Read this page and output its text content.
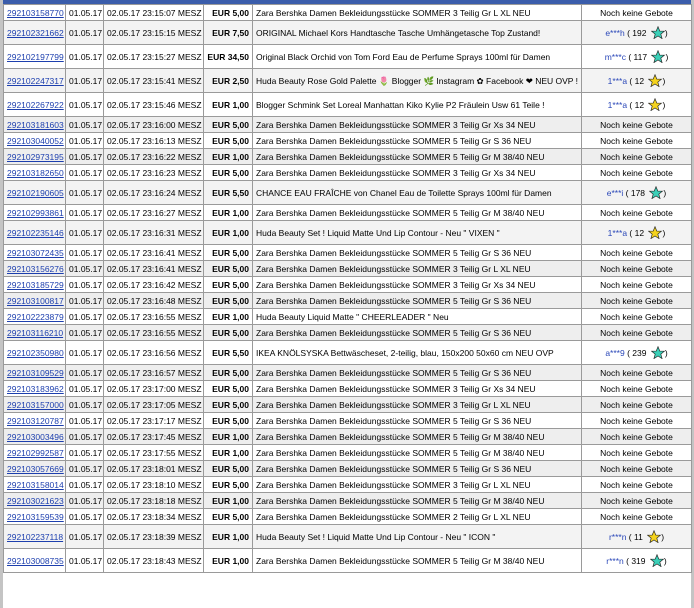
292103158770	01.05.17	02.05.17 23:15:07 MESZ	EUR 5,00	Zara Bershka Damen Bekleidungsstücke SOMMER 3 Teilig Gr L XL NEU	Noch keine Gebote
292102321662	01.05.17	02.05.17 23:15:15 MESZ	EUR 7,50	ORIGINAL Michael Kors Handtasche Tasche Umhängetasche Top Zustand!	e***h ( 192 )
292102197799	01.05.17	02.05.17 23:15:27 MESZ	EUR 34,50	Original Black Orchid von Tom Ford Eau de Perfume Sprays 100ml für Damen	m***c ( 117 )
292102247317	01.05.17	02.05.17 23:15:41 MESZ	EUR 2,50	Huda Beauty Rose Gold Palette 🌷 Blogger 🌿 Instagram ✿ Facebook ❤ NEU OVP !	1***a ( 12 )
292102267922	01.05.17	02.05.17 23:15:46 MESZ	EUR 1,00	Blogger Schmink Set Loreal Manhattan Kiko Kylie P2 Fräulein Usw 61 Teile !	1***a ( 12 )
292103181603	01.05.17	02.05.17 23:16:00 MESZ	EUR 5,00	Zara Bershka Damen Bekleidungsstücke SOMMER 3 Teilig Gr Xs 34 NEU	Noch keine Gebote
292103040052	01.05.17	02.05.17 23:16:13 MESZ	EUR 5,00	Zara Bershka Damen Bekleidungsstücke SOMMER 5 Teilig Gr S 36 NEU	Noch keine Gebote
292102973195	01.05.17	02.05.17 23:16:22 MESZ	EUR 1,00	Zara Bershka Damen Bekleidungsstücke SOMMER 5 Teilig Gr M 38/40 NEU	Noch keine Gebote
292103182650	01.05.17	02.05.17 23:16:23 MESZ	EUR 5,00	Zara Bershka Damen Bekleidungsstücke SOMMER 3 Teilig Gr Xs 34 NEU	Noch keine Gebote
292102190605	01.05.17	02.05.17 23:16:24 MESZ	EUR 5,50	CHANCE EAU FRAÎCHE von Chanel Eau de Toilette Sprays 100ml für Damen	e***i ( 178 )
292102993861	01.05.17	02.05.17 23:16:27 MESZ	EUR 1,00	Zara Bershka Damen Bekleidungsstücke SOMMER 5 Teilig Gr M 38/40 NEU	Noch keine Gebote
292102235146	01.05.17	02.05.17 23:16:31 MESZ	EUR 1,00	Huda Beauty Set ! Liquid Matte Und Lip Contour - Neu " VIXEN "	1***a ( 12 )
292103072435	01.05.17	02.05.17 23:16:41 MESZ	EUR 5,00	Zara Bershka Damen Bekleidungsstücke SOMMER 5 Teilig Gr S 36 NEU	Noch keine Gebote
292103156276	01.05.17	02.05.17 23:16:41 MESZ	EUR 5,00	Zara Bershka Damen Bekleidungsstücke SOMMER 3 Teilig Gr L XL NEU	Noch keine Gebote
292103185729	01.05.17	02.05.17 23:16:42 MESZ	EUR 5,00	Zara Bershka Damen Bekleidungsstücke SOMMER 3 Teilig Gr Xs 34 NEU	Noch keine Gebote
292103100817	01.05.17	02.05.17 23:16:48 MESZ	EUR 5,00	Zara Bershka Damen Bekleidungsstücke SOMMER 5 Teilig Gr S 36 NEU	Noch keine Gebote
292102223879	01.05.17	02.05.17 23:16:55 MESZ	EUR 1,00	Huda Beauty Liquid Matte " CHEERLEADER " Neu	Noch keine Gebote
292103116210	01.05.17	02.05.17 23:16:55 MESZ	EUR 5,00	Zara Bershka Damen Bekleidungsstücke SOMMER 5 Teilig Gr S 36 NEU	Noch keine Gebote
292102350980	01.05.17	02.05.17 23:16:56 MESZ	EUR 5,50	IKEA KNÖLSYSKA Bettwäscheset, 2-teilig, blau, 150x200 50x60 cm NEU OVP	a***9 ( 239 )
292103109529	01.05.17	02.05.17 23:16:57 MESZ	EUR 5,00	Zara Bershka Damen Bekleidungsstücke SOMMER 5 Teilig Gr S 36 NEU	Noch keine Gebote
292103183962	01.05.17	02.05.17 23:17:00 MESZ	EUR 5,00	Zara Bershka Damen Bekleidungsstücke SOMMER 3 Teilig Gr Xs 34 NEU	Noch keine Gebote
292103157000	01.05.17	02.05.17 23:17:05 MESZ	EUR 5,00	Zara Bershka Damen Bekleidungsstücke SOMMER 3 Teilig Gr L XL NEU	Noch keine Gebote
292103120787	01.05.17	02.05.17 23:17:17 MESZ	EUR 5,00	Zara Bershka Damen Bekleidungsstücke SOMMER 5 Teilig Gr S 36 NEU	Noch keine Gebote
292103003496	01.05.17	02.05.17 23:17:45 MESZ	EUR 1,00	Zara Bershka Damen Bekleidungsstücke SOMMER 5 Teilig Gr M 38/40 NEU	Noch keine Gebote
292102992587	01.05.17	02.05.17 23:17:55 MESZ	EUR 1,00	Zara Bershka Damen Bekleidungsstücke SOMMER 5 Teilig Gr M 38/40 NEU	Noch keine Gebote
292103057669	01.05.17	02.05.17 23:18:01 MESZ	EUR 5,00	Zara Bershka Damen Bekleidungsstücke SOMMER 5 Teilig Gr S 36 NEU	Noch keine Gebote
292103158014	01.05.17	02.05.17 23:18:10 MESZ	EUR 5,00	Zara Bershka Damen Bekleidungsstücke SOMMER 3 Teilig Gr L XL NEU	Noch keine Gebote
292103021623	01.05.17	02.05.17 23:18:18 MESZ	EUR 1,00	Zara Bershka Damen Bekleidungsstücke SOMMER 5 Teilig Gr M 38/40 NEU	Noch keine Gebote
292103159539	01.05.17	02.05.17 23:18:34 MESZ	EUR 5,00	Zara Bershka Damen Bekleidungsstücke SOMMER 2 Teilig Gr L XL NEU	Noch keine Gebote
292102237118	01.05.17	02.05.17 23:18:39 MESZ	EUR 1,00	Huda Beauty Set ! Liquid Matte Und Lip Contour - Neu " ICON "	r***n ( 11 )
292103008735	01.05.17	02.05.17 23:18:43 MESZ	EUR 1,00	Zara Bershka Damen Bekleidungsstücke SOMMER 5 Teilig Gr M 38/40 NEU	r***n ( 319 )
